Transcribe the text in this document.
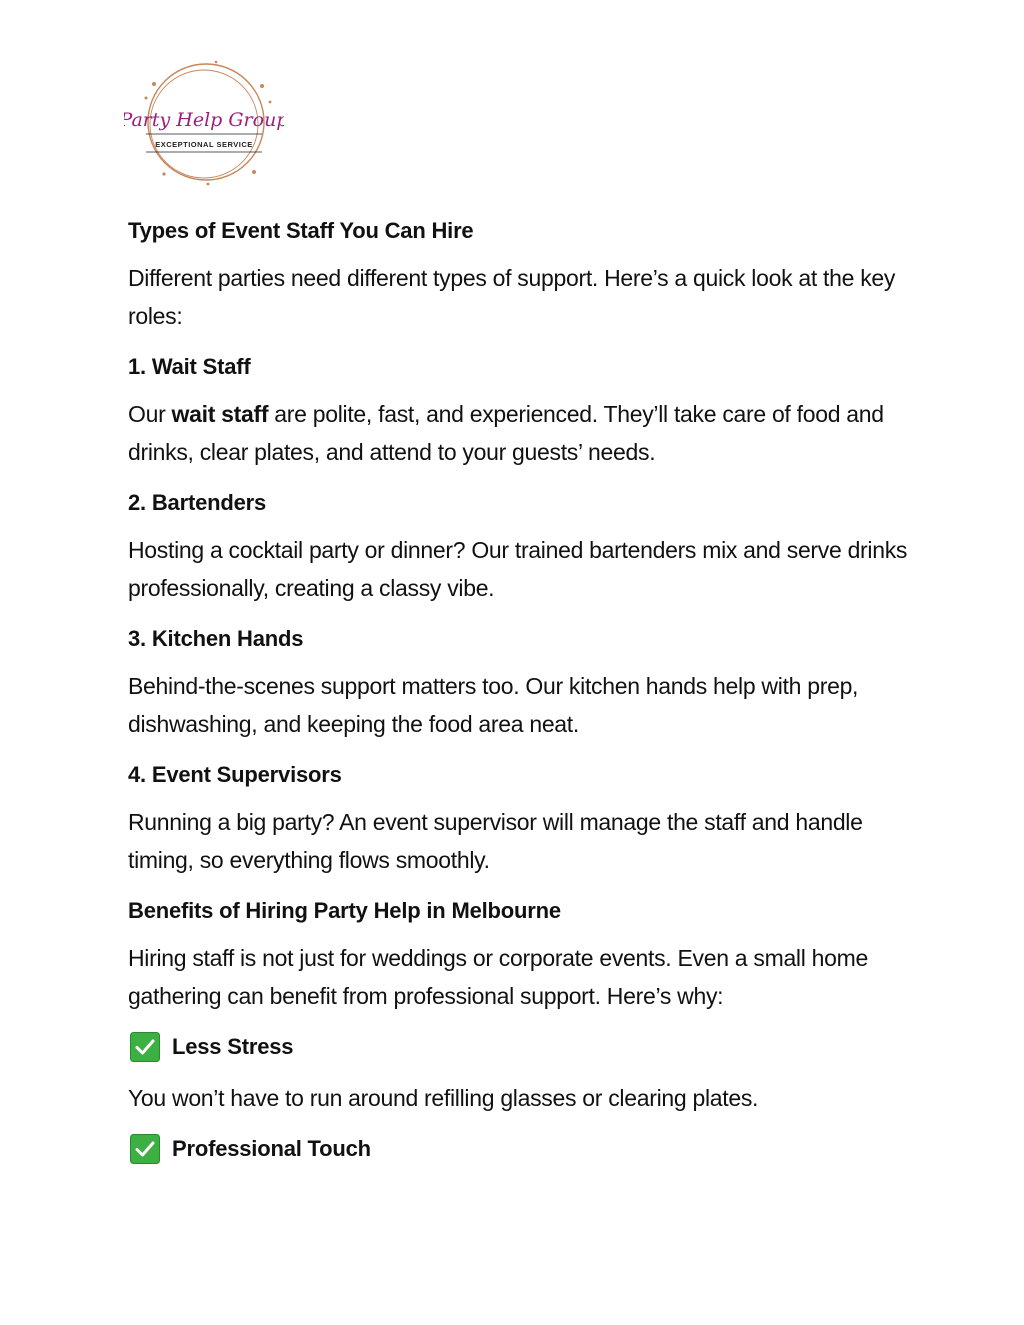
Party Help Group
EXCEPTIONAL SERVICE
Types of Event Staff You Can Hire
Different parties need different types of support. Here’s a quick look at the key roles:
1. Wait Staff
Our wait staff are polite, fast, and experienced. They’ll take care of food and drinks, clear plates, and attend to your guests’ needs.
2. Bartenders
Hosting a cocktail party or dinner? Our trained bartenders mix and serve drinks professionally, creating a classy vibe.
3. Kitchen Hands
Behind-the-scenes support matters too. Our kitchen hands help with prep, dishwashing, and keeping the food area neat.
4. Event Supervisors
Running a big party? An event supervisor will manage the staff and handle timing, so everything flows smoothly.
Benefits of Hiring Party Help in Melbourne
Hiring staff is not just for weddings or corporate events. Even a small home gathering can benefit from professional support. Here’s why:
Less Stress
You won’t have to run around refilling glasses or clearing plates.
Professional Touch
